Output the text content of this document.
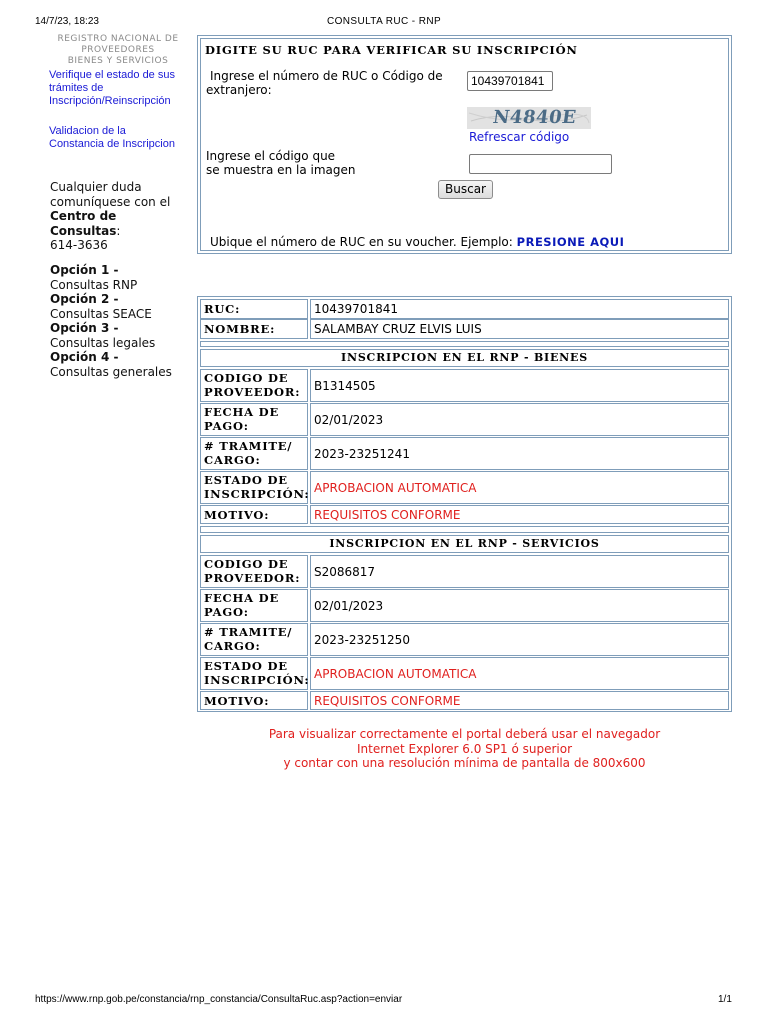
14/7/23, 18:23	CONSULTA RUC - RNP
REGISTRO NACIONAL DE
PROVEEDORES
BIENES Y SERVICIOS
Verifique el estado de sus
trámites de
Inscripción/Reinscripción
Validacion de la
Constancia de Inscripcion
Cualquier duda
comuníquese con el
Centro de
Consultas:
614-3636
Opción 1 -
Consultas RNP
Opción 2 -
Consultas SEACE
Opción 3 -
Consultas legales
Opción 4 -
Consultas generales
DIGITE SU RUC PARA VERIFICAR SU INSCRIPCIÓN
Ingrese el número de RUC o Código de
extranjero:
10439701841
N4840E
Refrescar código
Ingrese el código que
se muestra en la imagen
Buscar
Ubique el número de RUC en su voucher. Ejemplo: PRESIONE AQUI
RUC:	10439701841
NOMBRE:	SALAMBAY CRUZ ELVIS LUIS
INSCRIPCION EN EL RNP - BIENES
CODIGO DE
PROVEEDOR:	B1314505
FECHA DE
PAGO:	02/01/2023
# TRAMITE/
CARGO:	2023-23251241
ESTADO DE
INSCRIPCIÓN: APROBACION AUTOMATICA
MOTIVO:	REQUISITOS CONFORME
INSCRIPCION EN EL RNP - SERVICIOS
CODIGO DE
PROVEEDOR:	S2086817
FECHA DE
PAGO:	02/01/2023
# TRAMITE/
CARGO:	2023-23251250
ESTADO DE
INSCRIPCIÓN: APROBACION AUTOMATICA
MOTIVO:	REQUISITOS CONFORME
Para visualizar correctamente el portal deberá usar el navegador
Internet Explorer 6.0 SP1 ó superior
y contar con una resolución mínima de pantalla de 800x600
https://www.rnp.gob.pe/constancia/rnp_constancia/ConsultaRuc.asp?action=enviar	1/1
